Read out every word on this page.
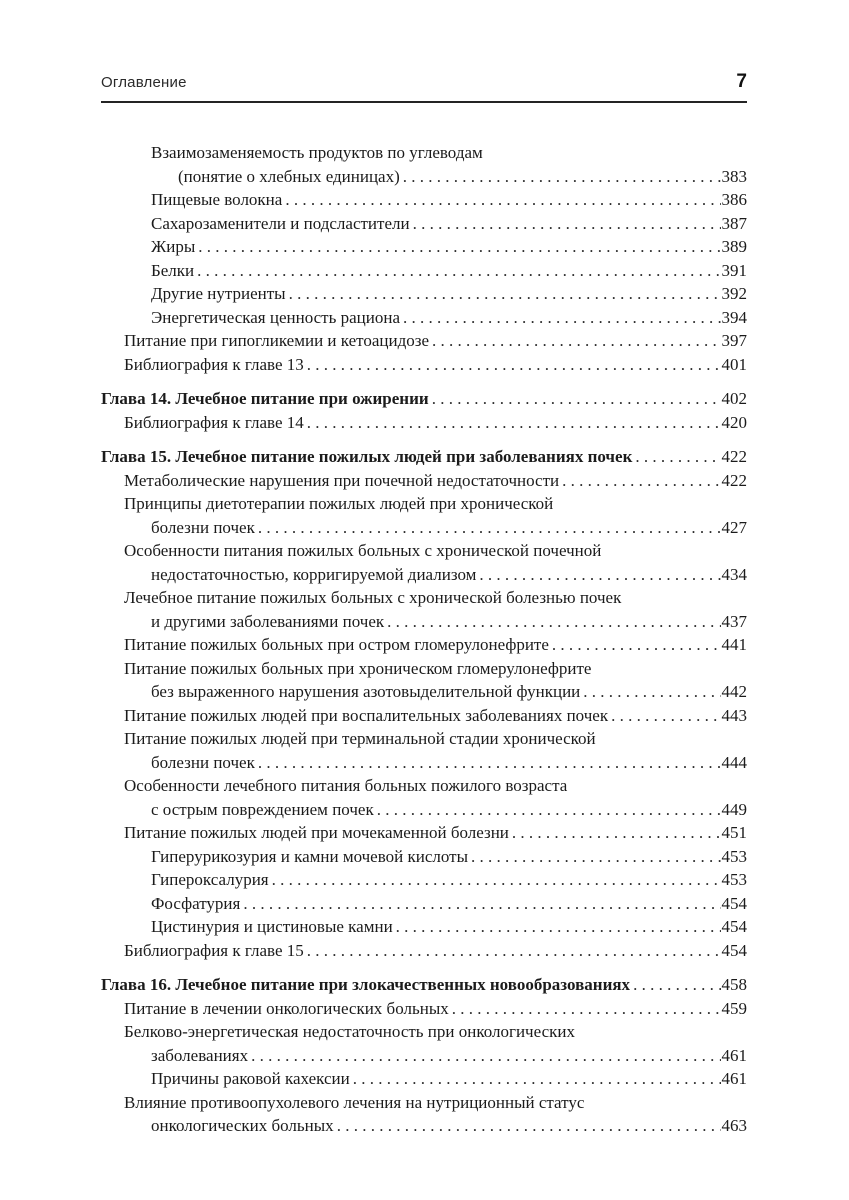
Оглавление	7
Взаимозаменяемость продуктов по углеводам
(понятие о хлебных единицах) . . .	383
Пищевые волокна . . .	386
Сахарозаменители и подсластители . . .	387
Жиры . . .	389
Белки . . .	391
Другие нутриенты . . .	392
Энергетическая ценность рациона . . .	394
Питание при гипогликемии и кетоацидозе . . .	397
Библиография к главе 13 . . .	401
Глава 14. Лечебное питание при ожирении . . .	402
Библиография к главе 14 . . .	420
Глава 15. Лечебное питание пожилых людей при заболеваниях почек . . .	422
Метаболические нарушения при почечной недостаточности . . .	422
Принципы диетотерапии пожилых людей при хронической
болезни почек . . .	427
Особенности питания пожилых больных с хронической почечной
недостаточностью, корригируемой диализом . . .	434
Лечебное питание пожилых больных с хронической болезнью почек
и другими заболеваниями почек . . .	437
Питание пожилых больных при остром гломерулонефрите . . .	441
Питание пожилых больных при хроническом гломерулонефрите
без выраженного нарушения азотовыделительной функции . . .	442
Питание пожилых людей при воспалительных заболеваниях почек . . .	443
Питание пожилых людей при терминальной стадии хронической
болезни почек . . .	444
Особенности лечебного питания больных пожилого возраста
с острым повреждением почек . . .	449
Питание пожилых людей при мочекаменной болезни . . .	451
Гиперурикозурия и камни мочевой кислоты . . .	453
Гипероксалурия . . .	453
Фосфатурия . . .	454
Цистинурия и цистиновые камни . . .	454
Библиография к главе 15 . . .	454
Глава 16. Лечебное питание при злокачественных новообразованиях . . .	458
Питание в лечении онкологических больных . . .	459
Белково-энергетическая недостаточность при онкологических
заболеваниях . . .	461
Причины раковой кахексии . . .	461
Влияние противоопухолевого лечения на нутриционный статус
онкологических больных . . .	463
